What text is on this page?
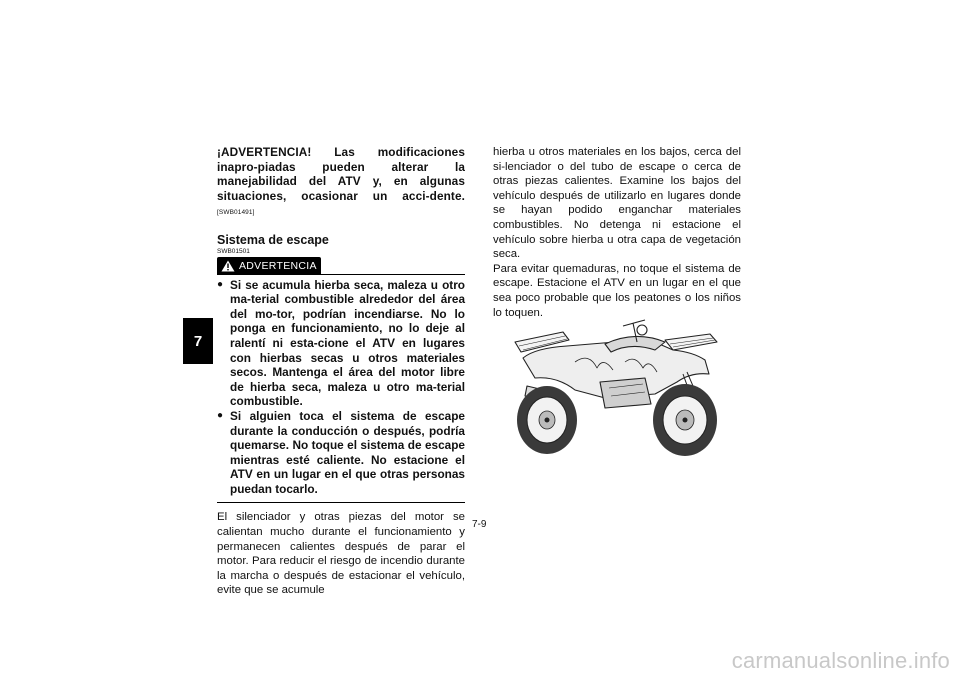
7
¡ADVERTENCIA! Las modificaciones inapro-piadas pueden alterar la manejabilidad del ATV y, en algunas situaciones, ocasionar un acci-dente. [SWB01491]
Sistema de escape
SWB01501
ADVERTENCIA
● Si se acumula hierba seca, maleza u otro ma-terial combustible alrededor del área del mo-tor, podrían incendiarse. No lo ponga en funcionamiento, no lo deje al ralentí ni esta-cione el ATV en lugares con hierbas secas u otros materiales secos. Mantenga el área del motor libre de hierba seca, maleza u otro ma-terial combustible.
● Si alguien toca el sistema de escape durante la conducción o después, podría quemarse. No toque el sistema de escape mientras esté caliente. No estacione el ATV en un lugar en el que otras personas puedan tocarlo.

El silenciador y otras piezas del motor se calientan mucho durante el funcionamiento y permanecen calientes después de parar el motor. Para reducir el riesgo de incendio durante la marcha o después de estacionar el vehículo, evite que se acumule

hierba u otros materiales en los bajos, cerca del si-lenciador o del tubo de escape o cerca de otras piezas calientes. Examine los bajos del vehículo después de utilizarlo en lugares donde se hayan podido enganchar materiales combustibles. No detenga ni estacione el vehículo sobre hierba u otra capa de vegetación seca.

Para evitar quemaduras, no toque el sistema de escape. Estacione el ATV en un lugar en el que sea poco probable que los peatones o los niños lo toquen.

7-9
carmanualsonline.info
